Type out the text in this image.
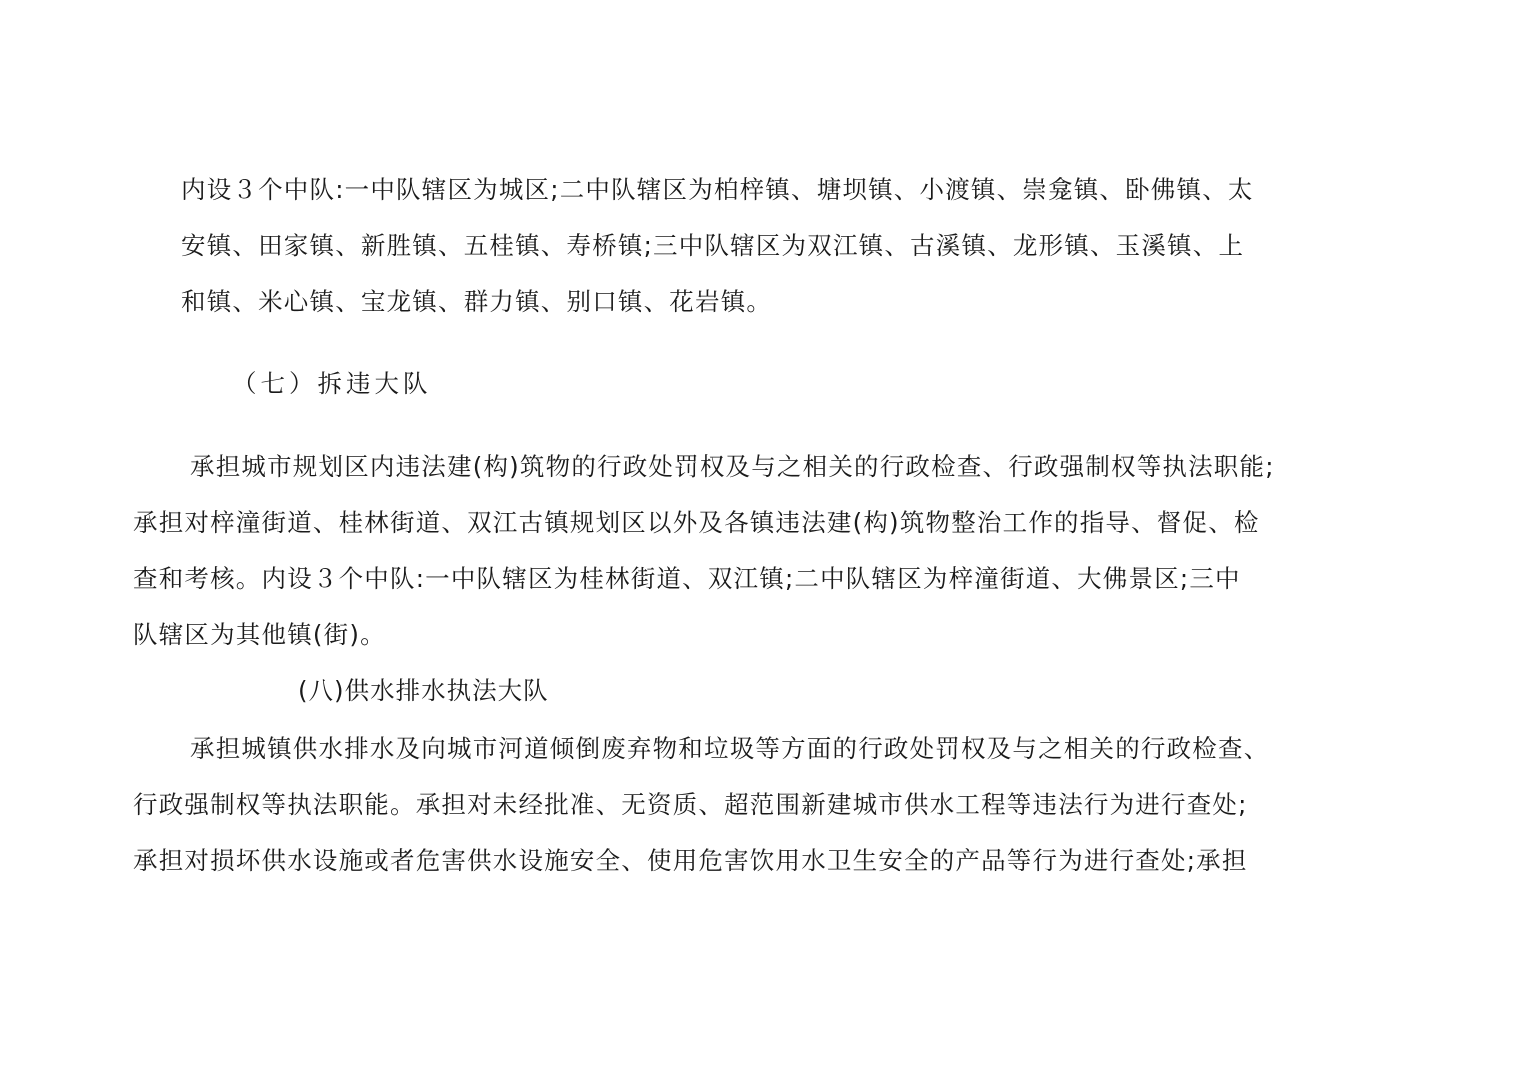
内设３个中队:一中队辖区为城区;二中队辖区为柏梓镇、塘坝镇、小渡镇、崇龛镇、卧佛镇、太
安镇、田家镇、新胜镇、五桂镇、寿桥镇;三中队辖区为双江镇、古溪镇、龙形镇、玉溪镇、上
和镇、米心镇、宝龙镇、群力镇、别口镇、花岩镇。
（七）拆违大队
承担城市规划区内违法建(构)筑物的行政处罚权及与之相关的行政检查、行政强制权等执法职能;
承担对梓潼街道、桂林街道、双江古镇规划区以外及各镇违法建(构)筑物整治工作的指导、督促、检
查和考核。内设３个中队:一中队辖区为桂林街道、双江镇;二中队辖区为梓潼街道、大佛景区;三中
队辖区为其他镇(街)。
(八)供水排水执法大队
承担城镇供水排水及向城市河道倾倒废弃物和垃圾等方面的行政处罚权及与之相关的行政检查、
行政强制权等执法职能。承担对未经批准、无资质、超范围新建城市供水工程等违法行为进行查处;
承担对损坏供水设施或者危害供水设施安全、使用危害饮用水卫生安全的产品等行为进行查处;承担
